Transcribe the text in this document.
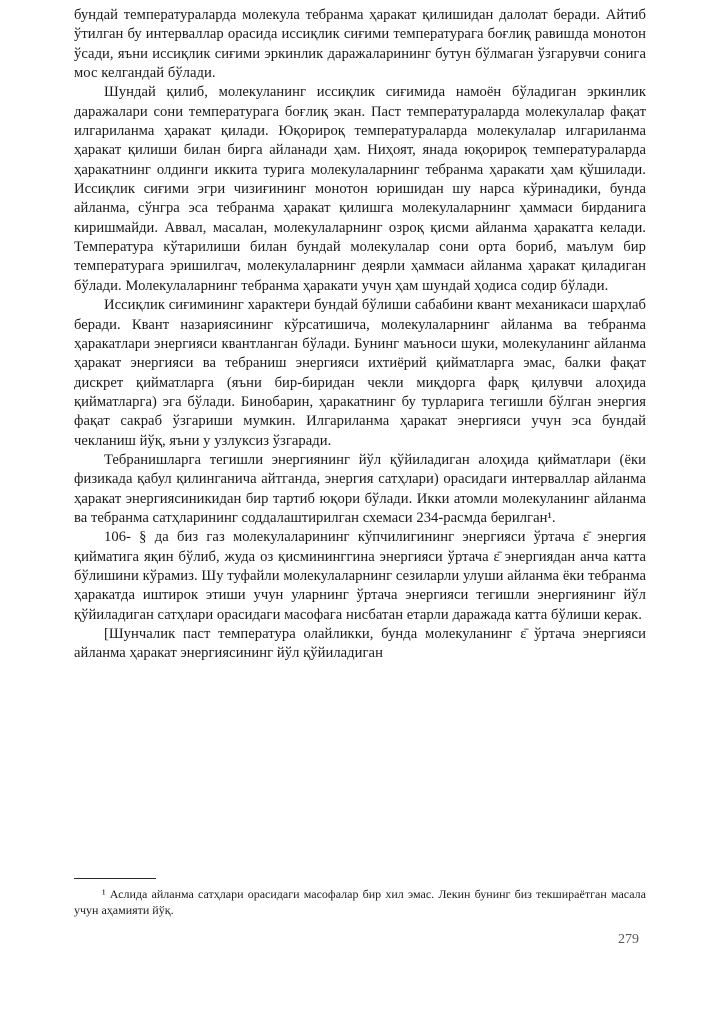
бундай температураларда молекула тебранма ҳаракат қилишидан далолат беради. Айтиб ўтилган бу интерваллар орасида иссиқлик сиғими температурага боғлиқ равишда монотон ўсади, яъни иссиқлик сиғими эркинлик даражаларининг бутун бўлмаган ўзгарувчи сонига мос келгандай бўлади.

Шундай қилиб, молекуланинг иссиқлик сиғимида намоён бўладиган эркинлик даражалари сони температурага боғлиқ экан. Паст температураларда молекулалар фақат илгариланма ҳаракат қилади. Юқорироқ температураларда молекулалар илгариланма ҳаракат қилиши билан бирга айланади ҳам. Ниҳоят, янада юқорироқ температураларда ҳаракатнинг олдинги иккита турига молекулаларнинг тебранма ҳаракати ҳам қўшилади. Иссиқлик сиғими эгри чизиғининг монотон юришидан шу нарса кўринадики, бунда айланма, сўнгра эса тебранма ҳаракат қилишга молекулаларнинг ҳаммаси бирданига киришмайди. Аввал, масалан, молекулаларнинг озроқ қисми айланма ҳаракатга келади. Температура кўтарилиши билан бундай молекулалар сони орта бориб, маълум бир температурага эришилгач, молекулаларнинг деярли ҳаммаси айланма ҳаракат қиладиган бўлади. Молекулаларнинг тебранма ҳаракати учун ҳам шундай ҳодиса содир бўлади.

Иссиқлик сиғимининг характери бундай бўлиши сабабини квант механикаси шарҳлаб беради. Квант назариясининг кўрсатишича, молекулаларнинг айланма ва тебранма ҳаракатлари энергияси квантланган бўлади. Бунинг маъноси шуки, молекуланинг айланма ҳаракат энергияси ва тебраниш энергияси ихтиёрий қийматларга эмас, балки фақат дискрет қийматларга (яъни бир-биридан чекли миқдорга фарқ қилувчи алоҳида қийматларга) эга бўлади. Бинобарин, ҳаракатнинг бу турларига тегишли бўлган энергия фақат сакраб ўзгариши мумкин. Илгариланма ҳаракат энергияси учун эса бундай чекланиш йўқ, яъни у узлуксиз ўзгаради.

Тебранишларга тегишли энергиянинг йўл қўйиладиган алоҳида қийматлари (ёки физикада қабул қилинганича айтганда, энергия сатҳлари) орасидаги интерваллар айланма ҳаракат энергиясиникидан бир тартиб юқори бўлади. Икки атомли молекуланинг айланма ва тебранма сатҳларининг соддалаштирилган схемаси 234-расмда берилган¹.

106- § да биз газ молекулаларининг кўпчилигининг энергияси ўртача ε̄ энергия қийматига яқин бўлиб, жуда оз қисмининггина энергияси ўртача ε̄ энергиядан анча катта бўлишини кўрамиз. Шу туфайли молекулаларнинг сезиларли улуши айланма ёки тебранма ҳаракатда иштирок этиши учун уларнинг ўртача энергияси тегишли энергиянинг йўл қўйиладиган сатҳлари орасидаги масофага нисбатан етарли даражада катта бўлиши керак.

[Шунчалик паст температура олайликки, бунда молекуланинг ε̄ ўртача энергияси айланма ҳаракат энергиясининг йўл қўйиладиган

¹ Аслида айланма сатҳлари орасидаги масофалар бир хил эмас. Лекин бунинг биз текшираётган масала учун аҳамияти йўқ.

279
